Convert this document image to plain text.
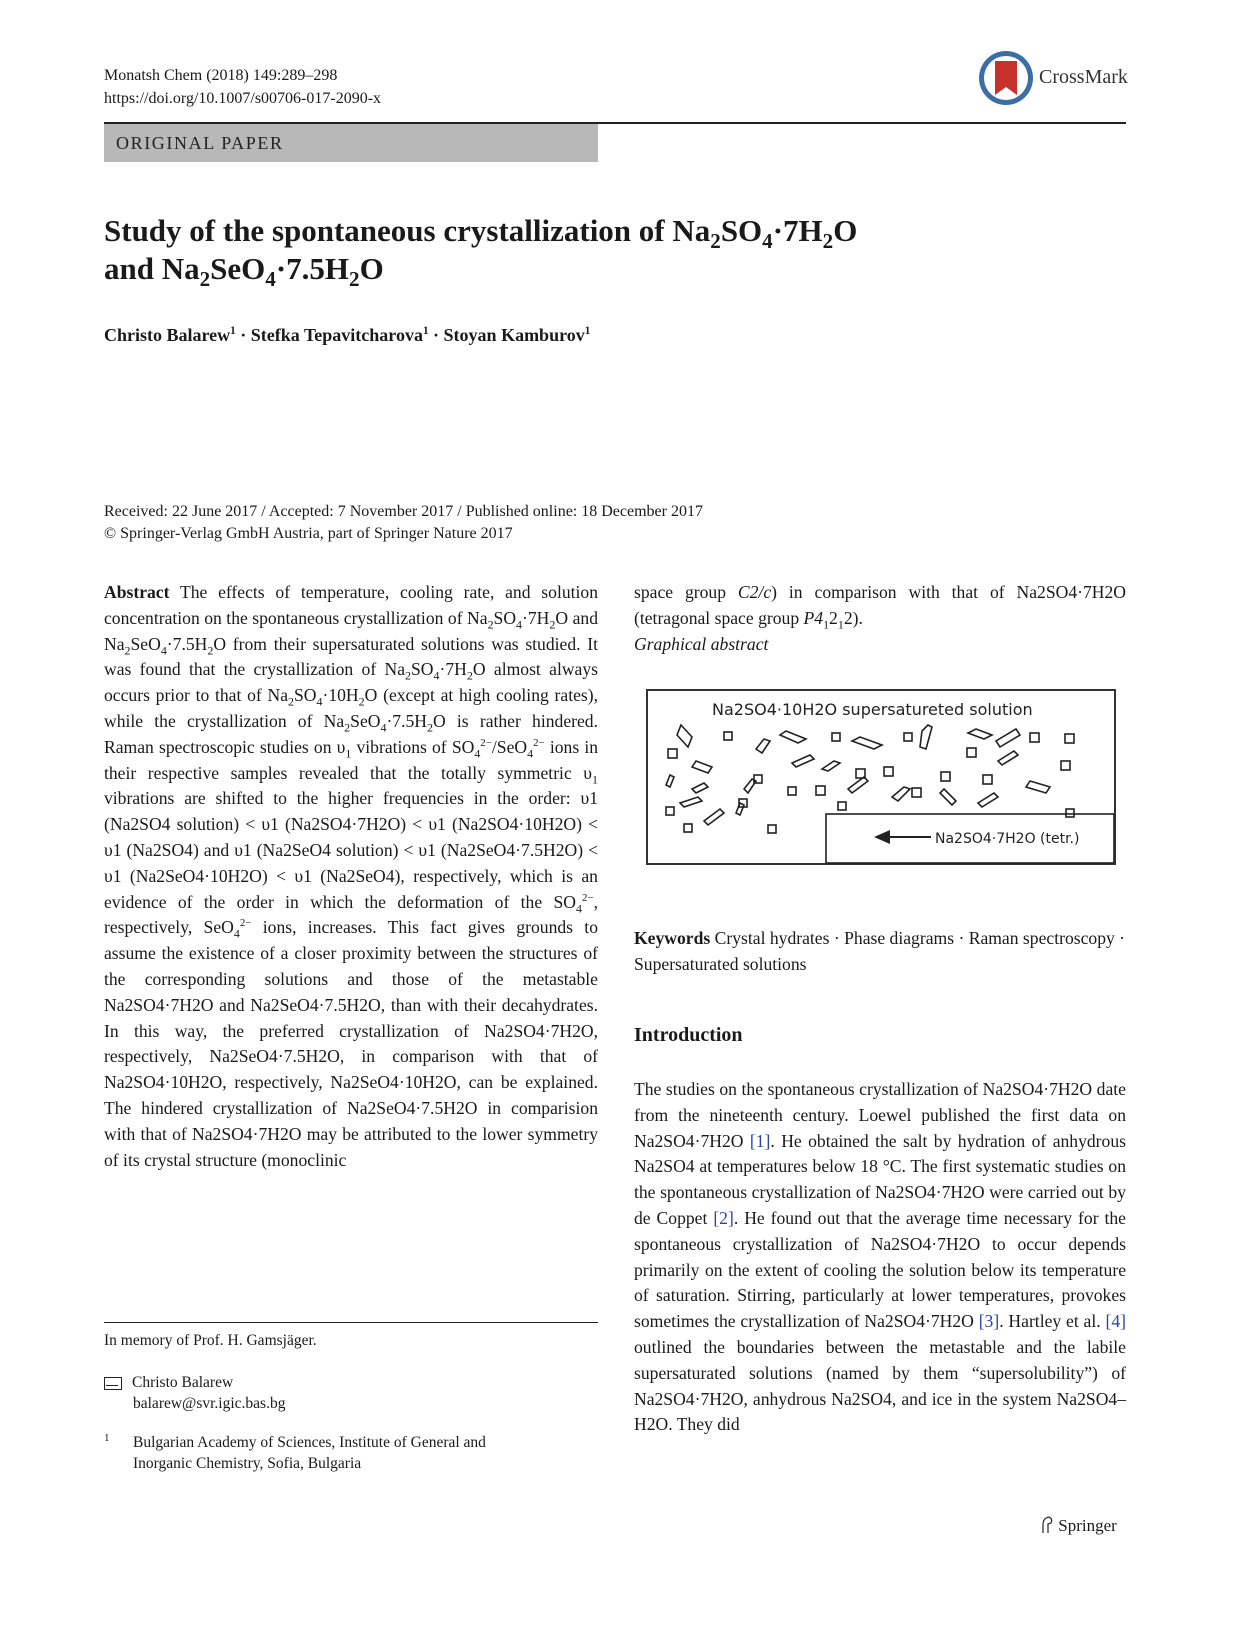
Monatsh Chem (2018) 149:289–298
https://doi.org/10.1007/s00706-017-2090-x
CrossMark
ORIGINAL PAPER
Study of the spontaneous crystallization of $Na_2SO_4\cdot 7H_2O$
and $Na_2SeO_4\cdot 7.5H_2O$
Christo Balarew$^1$ · Stefka Tepavitcharova$^1$ · Stoyan Kamburov$^1$
Received: 22 June 2017 / Accepted: 7 November 2017 / Published online: 18 December 2017
© Springer-Verlag GmbH Austria, part of Springer Nature 2017
Abstract The effects of temperature, cooling rate, and solution concentration on the spontaneous crystallization of $Na_2SO_4\cdot 7H_2O$ and $Na_2SeO_4\cdot 7.5H_2O$ from their supersaturated solutions was studied. It was found that the crystallization of $Na_2SO_4\cdot 7H_2O$ almost always occurs prior to that of $Na_2SO_4\cdot 10H_2O$ (except at high cooling rates), while the crystallization of $Na_2SeO_4\cdot 7.5H_2O$ is rather hindered. Raman spectroscopic studies on $\upsilon_1$ vibrations of $SO_4^{2-}/SeO_4^{2-}$ ions in their respective samples revealed that the totally symmetric $\upsilon_1$ vibrations are shifted to the higher frequencies in the order: υ1 (Na2SO4 solution) < υ1 (Na2SO4·7H2O) < υ1 (Na2SO4·10H2O) < υ1 (Na2SO4) and υ1 (Na2SeO4 solution) < υ1 (Na2SeO4·7.5H2O) < υ1 (Na2SeO4·10H2O) < υ1 (Na2SeO4), respectively, which is an evidence of the order in which the deformation of the $SO_4^{2-}$, respectively, SeO$_4^{2-}$ ions, increases. This fact gives grounds to assume the existence of a closer proximity between the structures of the corresponding solutions and those of the metastable Na2SO4·7H2O and Na2SeO4·7.5H2O, than with their decahydrates. In this way, the preferred crystallization of Na2SO4·7H2O, respectively, Na2SeO4·7.5H2O, in comparison with that of Na2SO4·10H2O, respectively, Na2SeO4·10H2O, can be explained. The hindered crystallization of Na2SeO4·7.5H2O in comparision with that of Na2SO4·7H2O may be attributed to the lower symmetry of its crystal structure (monoclinic
space group C2/c) in comparison with that of Na2SO4·7H2O (tetragonal space group $P4_12_12$).
Graphical abstract
Na2SO4·10H2O supersatureted solution
Na2SO4·7H2O (tetr.)
Keywords Crystal hydrates · Phase diagrams · Raman spectroscopy · Supersaturated solutions
Introduction
The studies on the spontaneous crystallization of Na2SO4·7H2O date from the nineteenth century. Loewel published the first data on Na2SO4·7H2O [1]. He obtained the salt by hydration of anhydrous Na2SO4 at temperatures below 18 °C. The first systematic studies on the spontaneous crystallization of Na2SO4·7H2O were carried out by de Coppet [2]. He found out that the average time necessary for the spontaneous crystallization of Na2SO4·7H2O to occur depends primarily on the extent of cooling the solution below its temperature of saturation. Stirring, particularly at lower temperatures, provokes sometimes the crystallization of Na2SO4·7H2O [3]. Hartley et al. [4] outlined the boundaries between the metastable and the labile supersaturated solutions (named by them “supersolubility”) of Na2SO4·7H2O, anhydrous Na2SO4, and ice in the system Na2SO4–H2O. They did
In memory of Prof. H. Gamsjäger.
Christo Balarew
balarew@svr.igic.bas.bg
$^1$ Bulgarian Academy of Sciences, Institute of General and
Inorganic Chemistry, Sofia, Bulgaria
Springer
